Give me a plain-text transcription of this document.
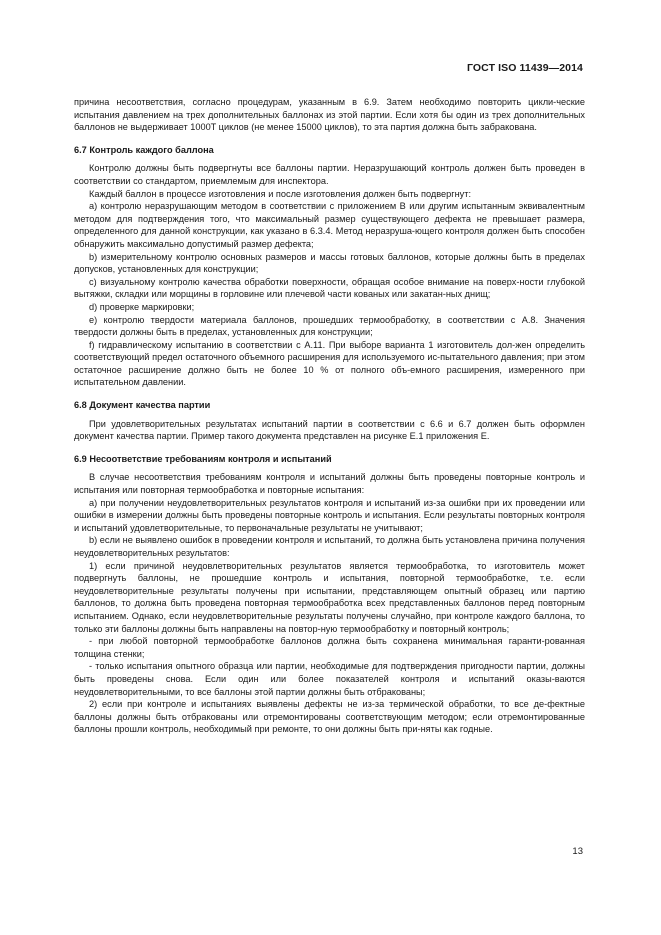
ГОСТ ISO 11439—2014

причина несоответствия, согласно процедурам, указанным в 6.9. Затем необходимо повторить цикли-ческие испытания давлением на трех дополнительных баллонах из этой партии. Если хотя бы один из трех дополнительных баллонов не выдерживает 1000T циклов (не менее 15000 циклов), то эта партия должна быть забракована.

6.7 Контроль каждого баллона

Контролю должны быть подвергнуты все баллоны партии. Неразрушающий контроль должен быть проведен в соответствии со стандартом, приемлемым для инспектора.

Каждый баллон в процессе изготовления и после изготовления должен быть подвергнут:

a) контролю неразрушающим методом в соответствии с приложением В или другим испытанным эквивалентным методом для подтверждения того, что максимальный размер существующего дефекта не превышает размера, определенного для данной конструкции, как указано в 6.3.4. Метод неразруша-ющего контроля должен быть способен обнаружить максимально допустимый размер дефекта;

b) измерительному контролю основных размеров и массы готовых баллонов, которые должны быть в пределах допусков, установленных для конструкции;

c) визуальному контролю качества обработки поверхности, обращая особое внимание на поверх-ности глубокой вытяжки, складки или морщины в горловине или плечевой части кованых или закатан-ных днищ;

d) проверке маркировки;

e) контролю твердости материала баллонов, прошедших термообработку, в соответствии с А.8. Значения твердости должны быть в пределах, установленных для конструкции;

f) гидравлическому испытанию в соответствии с А.11. При выборе варианта 1 изготовитель дол-жен определить соответствующий предел остаточного объемного расширения для используемого ис-пытательного давления; при этом остаточное расширение должно быть не более 10 % от полного объ-емного расширения, измеренного при испытательном давлении.

6.8 Документ качества партии

При удовлетворительных результатах испытаний партии в соответствии с 6.6 и 6.7 должен быть оформлен документ качества партии. Пример такого документа представлен на рисунке Е.1 приложения Е.

6.9 Несоответствие требованиям контроля и испытаний

В случае несоответствия требованиям контроля и испытаний должны быть проведены повторные контроль и испытания или повторная термообработка и повторные испытания:

a) при получении неудовлетворительных результатов контроля и испытаний из-за ошибки при их проведении или ошибки в измерении должны быть проведены повторные контроль и испытания. Если результаты повторных контроля и испытаний удовлетворительные, то первоначальные результаты не учитывают;

b) если не выявлено ошибок в проведении контроля и испытаний, то должна быть установлена причина получения неудовлетворительных результатов:

1) если причиной неудовлетворительных результатов является термообработка, то изготовитель может подвергнуть баллоны, не прошедшие контроль и испытания, повторной термообработке, т.е. если неудовлетворительные результаты получены при испытании, представляющем опытный образец или партию баллонов, то должна быть проведена повторная термообработка всех представленных баллонов перед повторным испытанием. Однако, если неудовлетворительные результаты получены случайно, при контроле каждого баллона, то только эти баллоны должны быть направлены на повтор-ную термообработку и повторный контроль;

- при любой повторной термообработке баллонов должна быть сохранена минимальная гаранти-рованная толщина стенки;

- только испытания опытного образца или партии, необходимые для подтверждения пригодности партии, должны быть проведены снова. Если один или более показателей контроля и испытаний оказы-ваются неудовлетворительными, то все баллоны этой партии должны быть отбракованы;

2) если при контроле и испытаниях выявлены дефекты не из-за термической обработки, то все де-фектные баллоны должны быть отбракованы или отремонтированы соответствующим методом; если отремонтированные баллоны прошли контроль, необходимый при ремонте, то они должны быть при-няты как годные.

13
